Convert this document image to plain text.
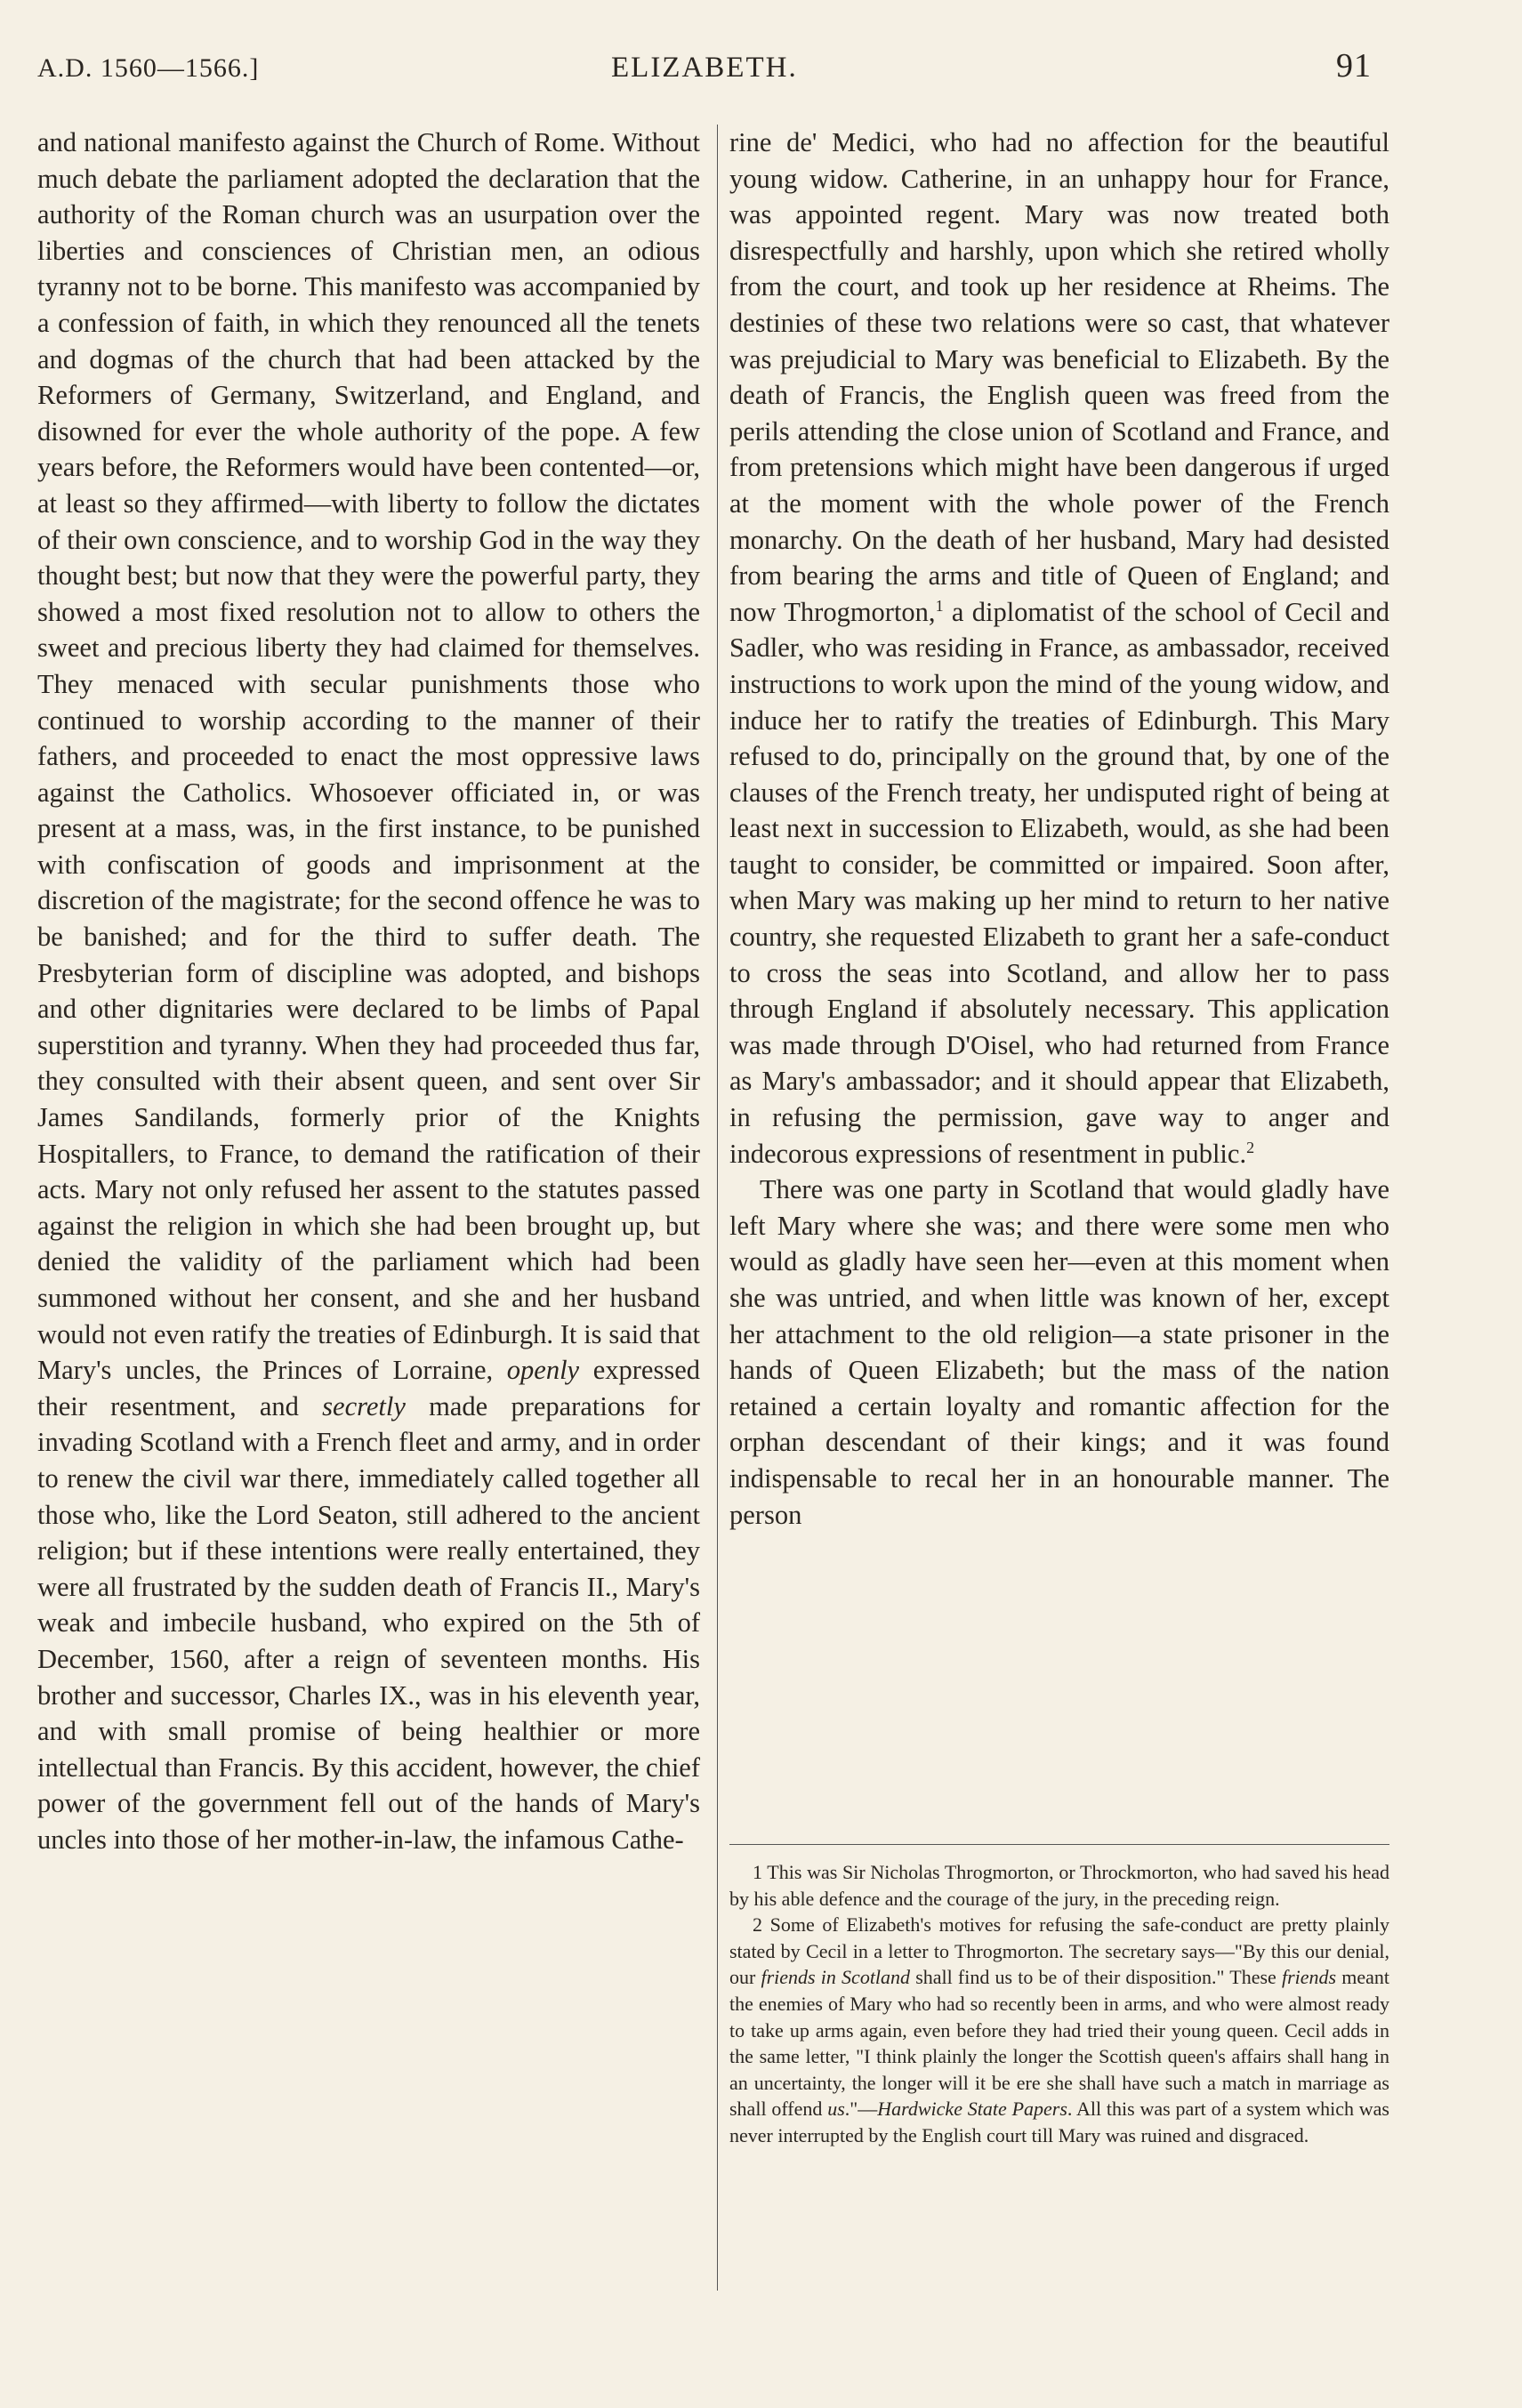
A.D. 1560—1566.]	ELIZABETH.	91

and national manifesto against the Church of Rome. Without much debate the parliament adopted the declaration that the authority of the Roman church was an usurpation over the liberties and consciences of Christian men, an odious tyranny not to be borne. This manifesto was accompanied by a confession of faith, in which they renounced all the tenets and dogmas of the church that had been attacked by the Reformers of Germany, Switzerland, and England, and disowned for ever the whole authority of the pope. A few years before, the Reformers would have been contented—or, at least so they affirmed—with liberty to follow the dictates of their own conscience, and to worship God in the way they thought best; but now that they were the powerful party, they showed a most fixed resolution not to allow to others the sweet and precious liberty they had claimed for themselves. They menaced with secular punishments those who continued to worship according to the manner of their fathers, and proceeded to enact the most oppressive laws against the Catholics. Whosoever officiated in, or was present at a mass, was, in the first instance, to be punished with confiscation of goods and imprisonment at the discretion of the magistrate; for the second offence he was to be banished; and for the third to suffer death. The Presbyterian form of discipline was adopted, and bishops and other dignitaries were declared to be limbs of Papal superstition and tyranny. When they had proceeded thus far, they consulted with their absent queen, and sent over Sir James Sandilands, formerly prior of the Knights Hospitallers, to France, to demand the ratification of their acts. Mary not only refused her assent to the statutes passed against the religion in which she had been brought up, but denied the validity of the parliament which had been summoned without her consent, and she and her husband would not even ratify the treaties of Edinburgh. It is said that Mary's uncles, the Princes of Lorraine, openly expressed their resentment, and secretly made preparations for invading Scotland with a French fleet and army, and in order to renew the civil war there, immediately called together all those who, like the Lord Seaton, still adhered to the ancient religion; but if these intentions were really entertained, they were all frustrated by the sudden death of Francis II., Mary's weak and imbecile husband, who expired on the 5th of December, 1560, after a reign of seventeen months. His brother and successor, Charles IX., was in his eleventh year, and with small promise of being healthier or more intellectual than Francis. By this accident, however, the chief power of the government fell out of the hands of Mary's uncles into those of her mother-in-law, the infamous Cathe-

rine de' Medici, who had no affection for the beautiful young widow. Catherine, in an unhappy hour for France, was appointed regent. Mary was now treated both disrespectfully and harshly, upon which she retired wholly from the court, and took up her residence at Rheims. The destinies of these two relations were so cast, that whatever was prejudicial to Mary was beneficial to Elizabeth. By the death of Francis, the English queen was freed from the perils attending the close union of Scotland and France, and from pretensions which might have been dangerous if urged at the moment with the whole power of the French monarchy. On the death of her husband, Mary had desisted from bearing the arms and title of Queen of England; and now Throgmorton,$^1$ a diplomatist of the school of Cecil and Sadler, who was residing in France, as ambassador, received instructions to work upon the mind of the young widow, and induce her to ratify the treaties of Edinburgh. This Mary refused to do, principally on the ground that, by one of the clauses of the French treaty, her undisputed right of being at least next in succession to Elizabeth, would, as she had been taught to consider, be committed or impaired. Soon after, when Mary was making up her mind to return to her native country, she requested Elizabeth to grant her a safe-conduct to cross the seas into Scotland, and allow her to pass through England if absolutely necessary. This application was made through D'Oisel, who had returned from France as Mary's ambassador; and it should appear that Elizabeth, in refusing the permission, gave way to anger and indecorous expressions of resentment in public.$^2$

There was one party in Scotland that would gladly have left Mary where she was; and there were some men who would as gladly have seen her—even at this moment when she was untried, and when little was known of her, except her attachment to the old religion—a state prisoner in the hands of Queen Elizabeth; but the mass of the nation retained a certain loyalty and romantic affection for the orphan descendant of their kings; and it was found indispensable to recal her in an honourable manner. The person

1 This was Sir Nicholas Throgmorton, or Throckmorton, who had saved his head by his able defence and the courage of the jury, in the preceding reign.

2 Some of Elizabeth's motives for refusing the safe-conduct are pretty plainly stated by Cecil in a letter to Throgmorton. The secretary says—"By this our denial, our friends in Scotland shall find us to be of their disposition." These friends meant the enemies of Mary who had so recently been in arms, and who were almost ready to take up arms again, even before they had tried their young queen. Cecil adds in the same letter, "I think plainly the longer the Scottish queen's affairs shall hang in an uncertainty, the longer will it be ere she shall have such a match in marriage as shall offend us."—Hardwicke State Papers. All this was part of a system which was never interrupted by the English court till Mary was ruined and disgraced.
